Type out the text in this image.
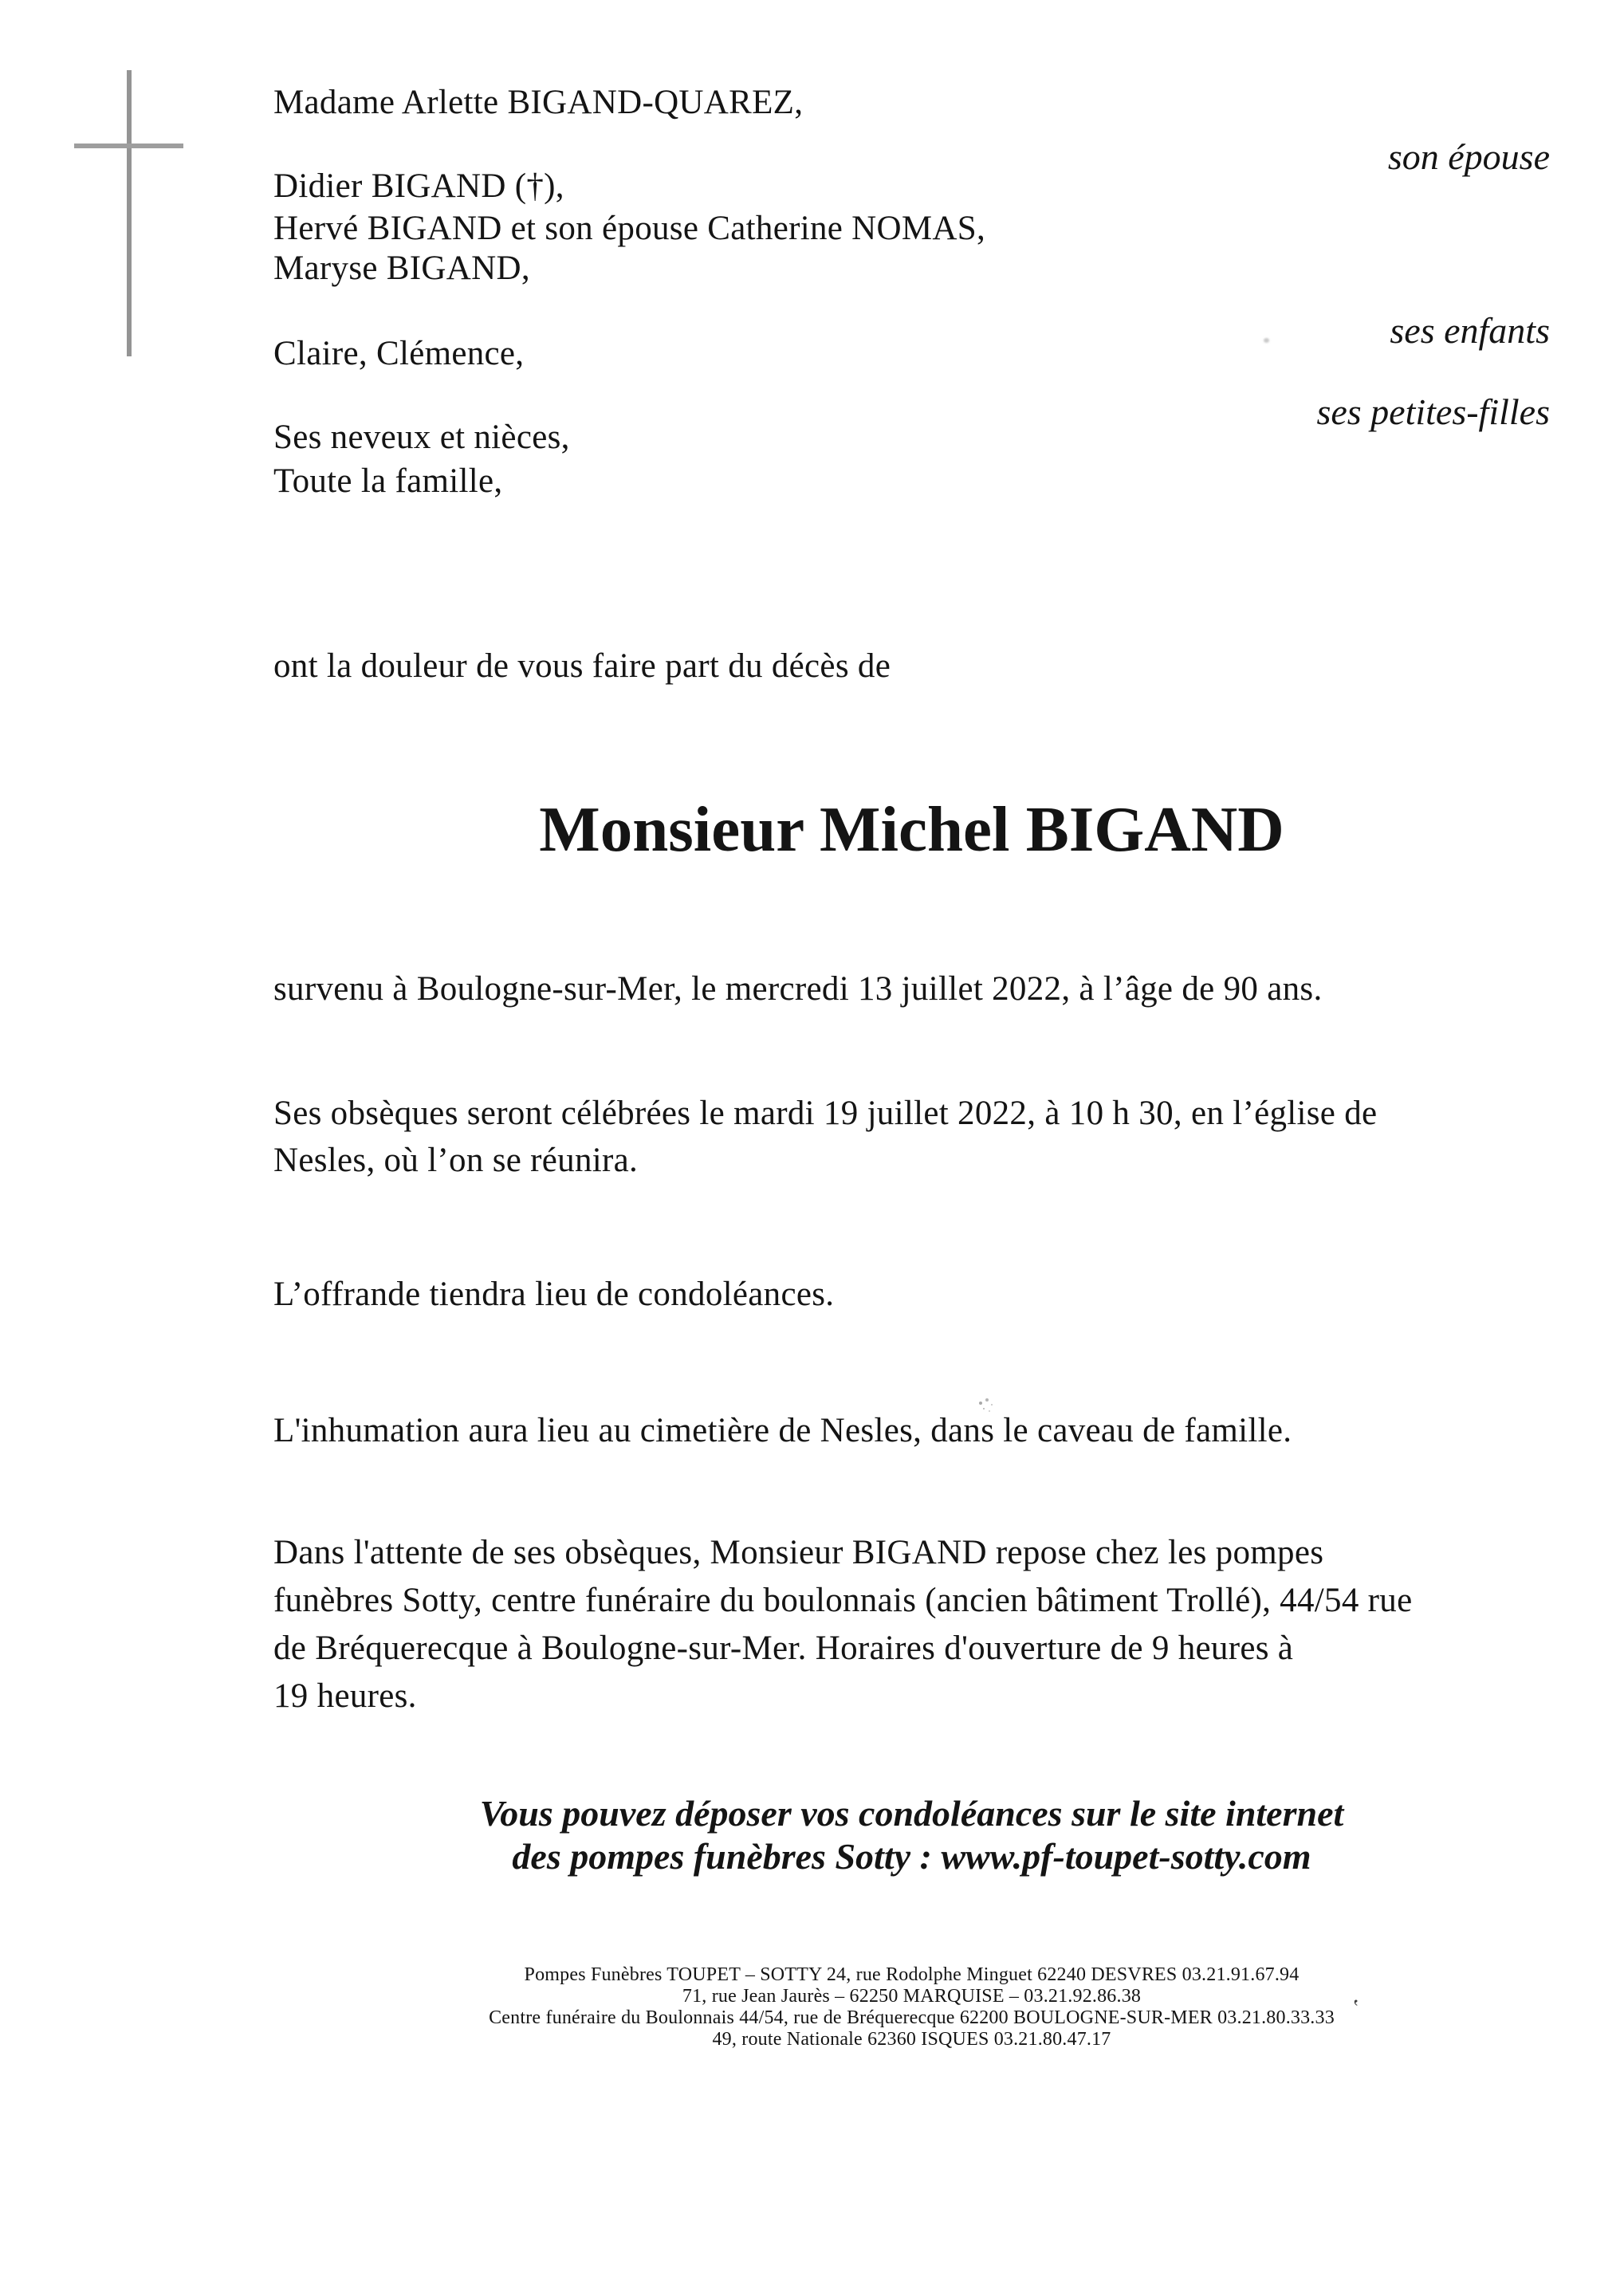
Madame Arlette BIGAND-QUAREZ,
son épouse
Didier BIGAND (†),
Hervé BIGAND et son épouse Catherine NOMAS,
Maryse BIGAND,
ses enfants
Claire, Clémence,
ses petites-filles
Ses neveux et nièces,
Toute la famille,
ont la douleur de vous faire part du décès de
Monsieur Michel BIGAND
survenu à Boulogne-sur-Mer, le mercredi 13 juillet 2022, à l’âge de 90 ans.
Ses obsèques seront célébrées le mardi 19 juillet 2022, à 10 h 30, en l’église de
Nesles, où l’on se réunira.
L’offrande tiendra lieu de condoléances.
L'inhumation aura lieu au cimetière de Nesles, dans le caveau de famille.
Dans l'attente de ses obsèques, Monsieur BIGAND repose chez les pompes
funèbres Sotty, centre funéraire du boulonnais (ancien bâtiment Trollé), 44/54 rue
de Bréquerecque à Boulogne-sur-Mer. Horaires d'ouverture de 9 heures à
19 heures.
Vous pouvez déposer vos condoléances sur le site internet
des pompes funèbres Sotty : www.pf-toupet-sotty.com
Pompes Funèbres TOUPET – SOTTY 24, rue Rodolphe Minguet 62240 DESVRES 03.21.91.67.94
71, rue Jean Jaurès – 62250 MARQUISE – 03.21.92.86.38
Centre funéraire du Boulonnais 44/54, rue de Bréquerecque 62200 BOULOGNE-SUR-MER 03.21.80.33.33
49, route Nationale 62360 ISQUES 03.21.80.47.17
‛
